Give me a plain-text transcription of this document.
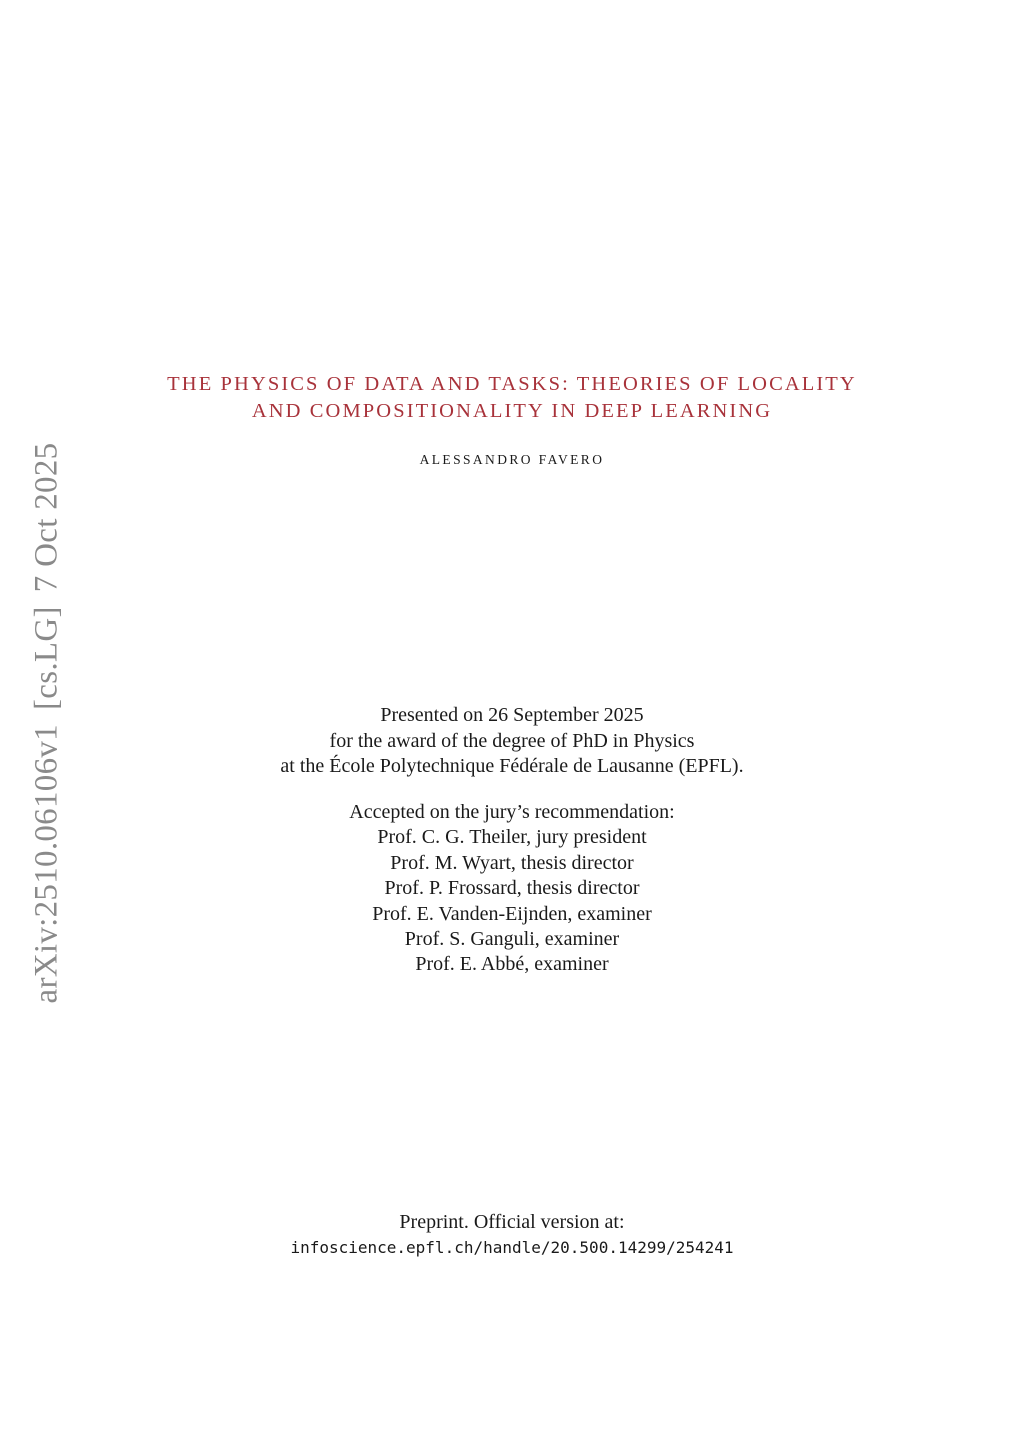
arXiv:2510.06106v1[cs.LG]7 Oct 2025
THE PHYSICS OF DATA AND TASKS: THEORIES OF LOCALITY
AND COMPOSITIONALITY IN DEEP LEARNING
ALESSANDRO FAVERO
Presented on 26 September 2025
for the award of the degree of PhD in Physics
at the École Polytechnique Fédérale de Lausanne (EPFL).
Accepted on the jury’s recommendation:
Prof. C. G. Theiler, jury president
Prof. M. Wyart, thesis director
Prof. P. Frossard, thesis director
Prof. E. Vanden-Eijnden, examiner
Prof. S. Ganguli, examiner
Prof. E. Abbé, examiner
Preprint. Official version at:
infoscience.epfl.ch/handle/20.500.14299/254241
